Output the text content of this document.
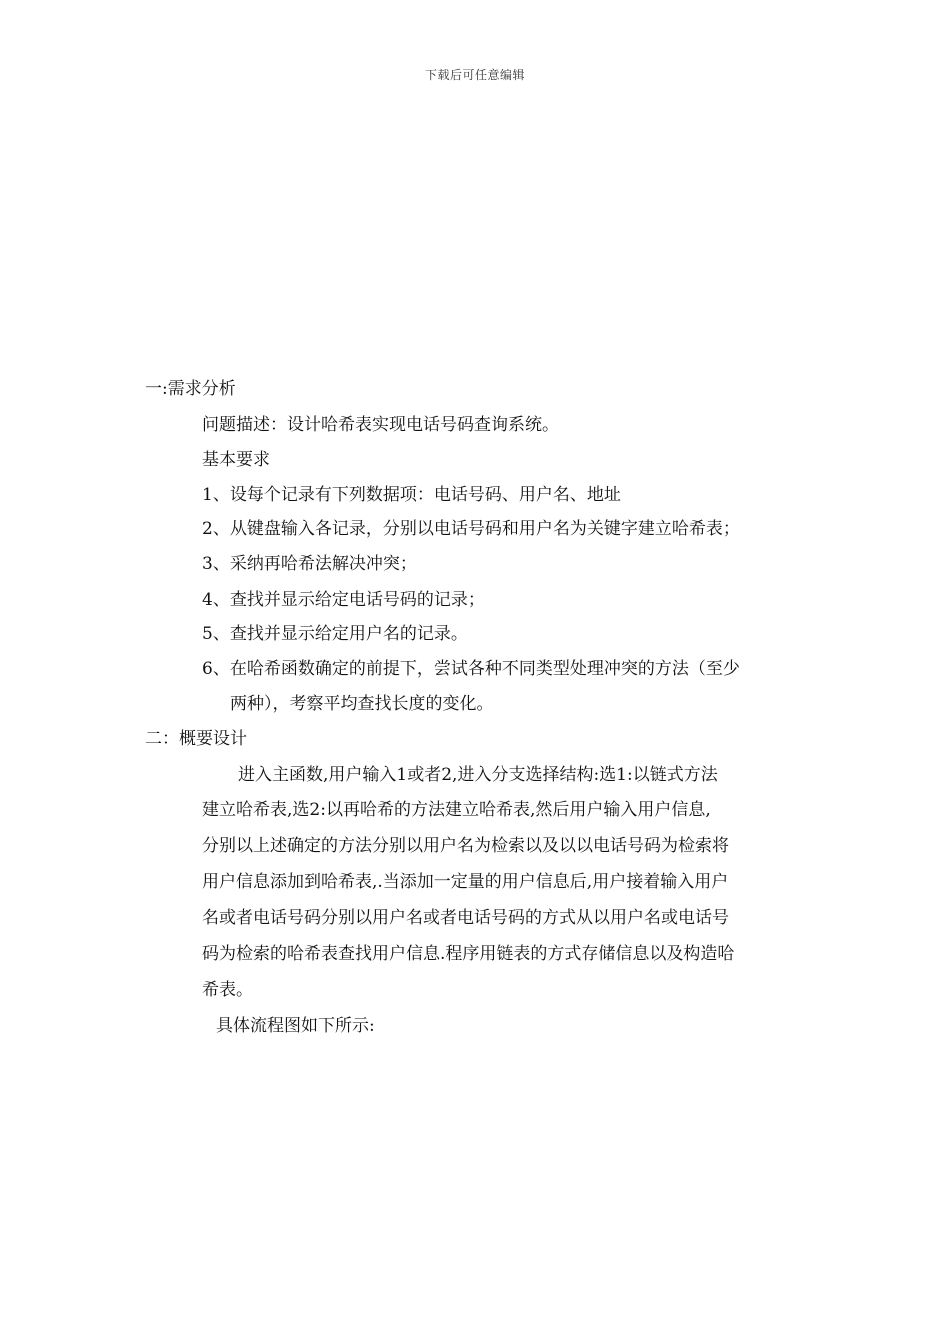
下载后可任意编辑
一:需求分析
问题描述：设计哈希表实现电话号码查询系统。
基本要求
1、设每个记录有下列数据项：电话号码、用户名、地址
2、从键盘输入各记录，分别以电话号码和用户名为关键字建立哈希表；
3、采纳再哈希法解决冲突；
4、查找并显示给定电话号码的记录；
5、查找并显示给定用户名的记录。
6、在哈希函数确定的前提下，尝试各种不同类型处理冲突的方法（至少
两种），考察平均查找长度的变化。
二：概要设计
进入主函数,用户输入1或者2,进入分支选择结构:选1:以链式方法
建立哈希表,选2:以再哈希的方法建立哈希表,然后用户输入用户信息,
分别以上述确定的方法分别以用户名为检索以及以以电话号码为检索将
用户信息添加到哈希表,.当添加一定量的用户信息后,用户接着输入用户
名或者电话号码分别以用户名或者电话号码的方式从以用户名或电话号
码为检索的哈希表查找用户信息.程序用链表的方式存储信息以及构造哈
希表。
具体流程图如下所示:
